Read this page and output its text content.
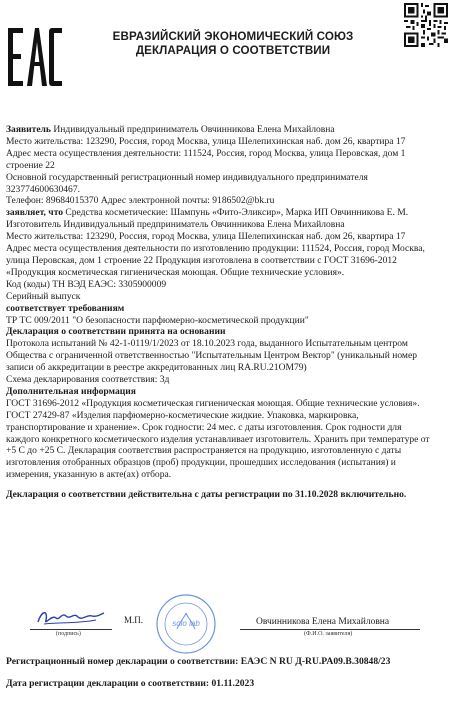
ЕВРАЗИЙСКИЙ ЭКОНОМИЧЕСКИЙ СОЮЗ
ДЕКЛАРАЦИЯ О СООТВЕТСТВИИ

Заявитель Индивидуальный предприниматель Овчинникова Елена Михайловна

Место жительства: 123290, Россия, город Москва, улица Шелепихинская наб. дом 26, квартира 17

Адрес места осуществления деятельности: 111524, Россия, город Москва, улица Перовская, дом 1

строение 22

Основной государственный регистрационный номер индивидуального предпринимателя

323774600630467.

Телефон: 89684015370 Адрес электронной почты: 9186502@bk.ru

заявляет, что Средства косметические: Шампунь «Фито-Эликсир», Марка ИП Овчинникова Е. М.

Изготовитель Индивидуальный предприниматель Овчинникова Елена Михайловна

Место жительства: 123290, Россия, город Москва, улица Шелепихинская наб. дом 26, квартира 17

Адрес места осуществления деятельности по изготовлению продукции: 111524, Россия, город Москва,

улица Перовская, дом 1 строение 22 Продукция изготовлена в соответствии с ГОСТ 31696-2012

«Продукция косметическая гигиеническая моющая. Общие технические условия».

Код (коды) ТН ВЭД ЕАЭС: 3305900009

Серийный выпуск

соответствует требованиям

ТР ТС 009/2011 "О безопасности парфюмерно-косметической продукции"

Декларация о соответствии принята на основании

Протокола испытаний № 42-1-0119/1/2023 от 18.10.2023 года, выданного Испытательным центром

Общества с ограниченной ответственностью "Испытательным Центром Вектор" (уникальный номер

записи об аккредитации в реестре аккредитованных лиц RA.RU.21OM79)

Схема декларирования соответствия: 3д

Дополнительная информация

ГОСТ 31696-2012 «Продукция косметическая гигиеническая моющая. Общие технические условия».

ГОСТ 27429-87 «Изделия парфюмерно-косметические жидкие. Упаковка, маркировка,

транспортирование и хранение». Срок годности: 24 мес. с даты изготовления. Срок годности для

каждого конкретного косметического изделия устанавливает изготовитель. Хранить при температуре от

+5 С до +25 С. Декларация соответствия распространяется на продукцию, изготовленную с даты

изготовления отобранных образцов (проб) продукции, прошедших исследования (испытания) и

измерения, указанную в акте(ах) отбора.

Декларация о соответствии действительна с даты регистрации по 31.10.2028 включительно.

(подпись)
М.П.	Овчинникова Елена Михайловна
(Ф.И.О. заявителя)
solo lab
Регистрационный номер декларации о соответствии: ЕАЭС N RU Д-RU.PA09.B.30848/23
Дата регистрации декларации о соответствии: 01.11.2023
